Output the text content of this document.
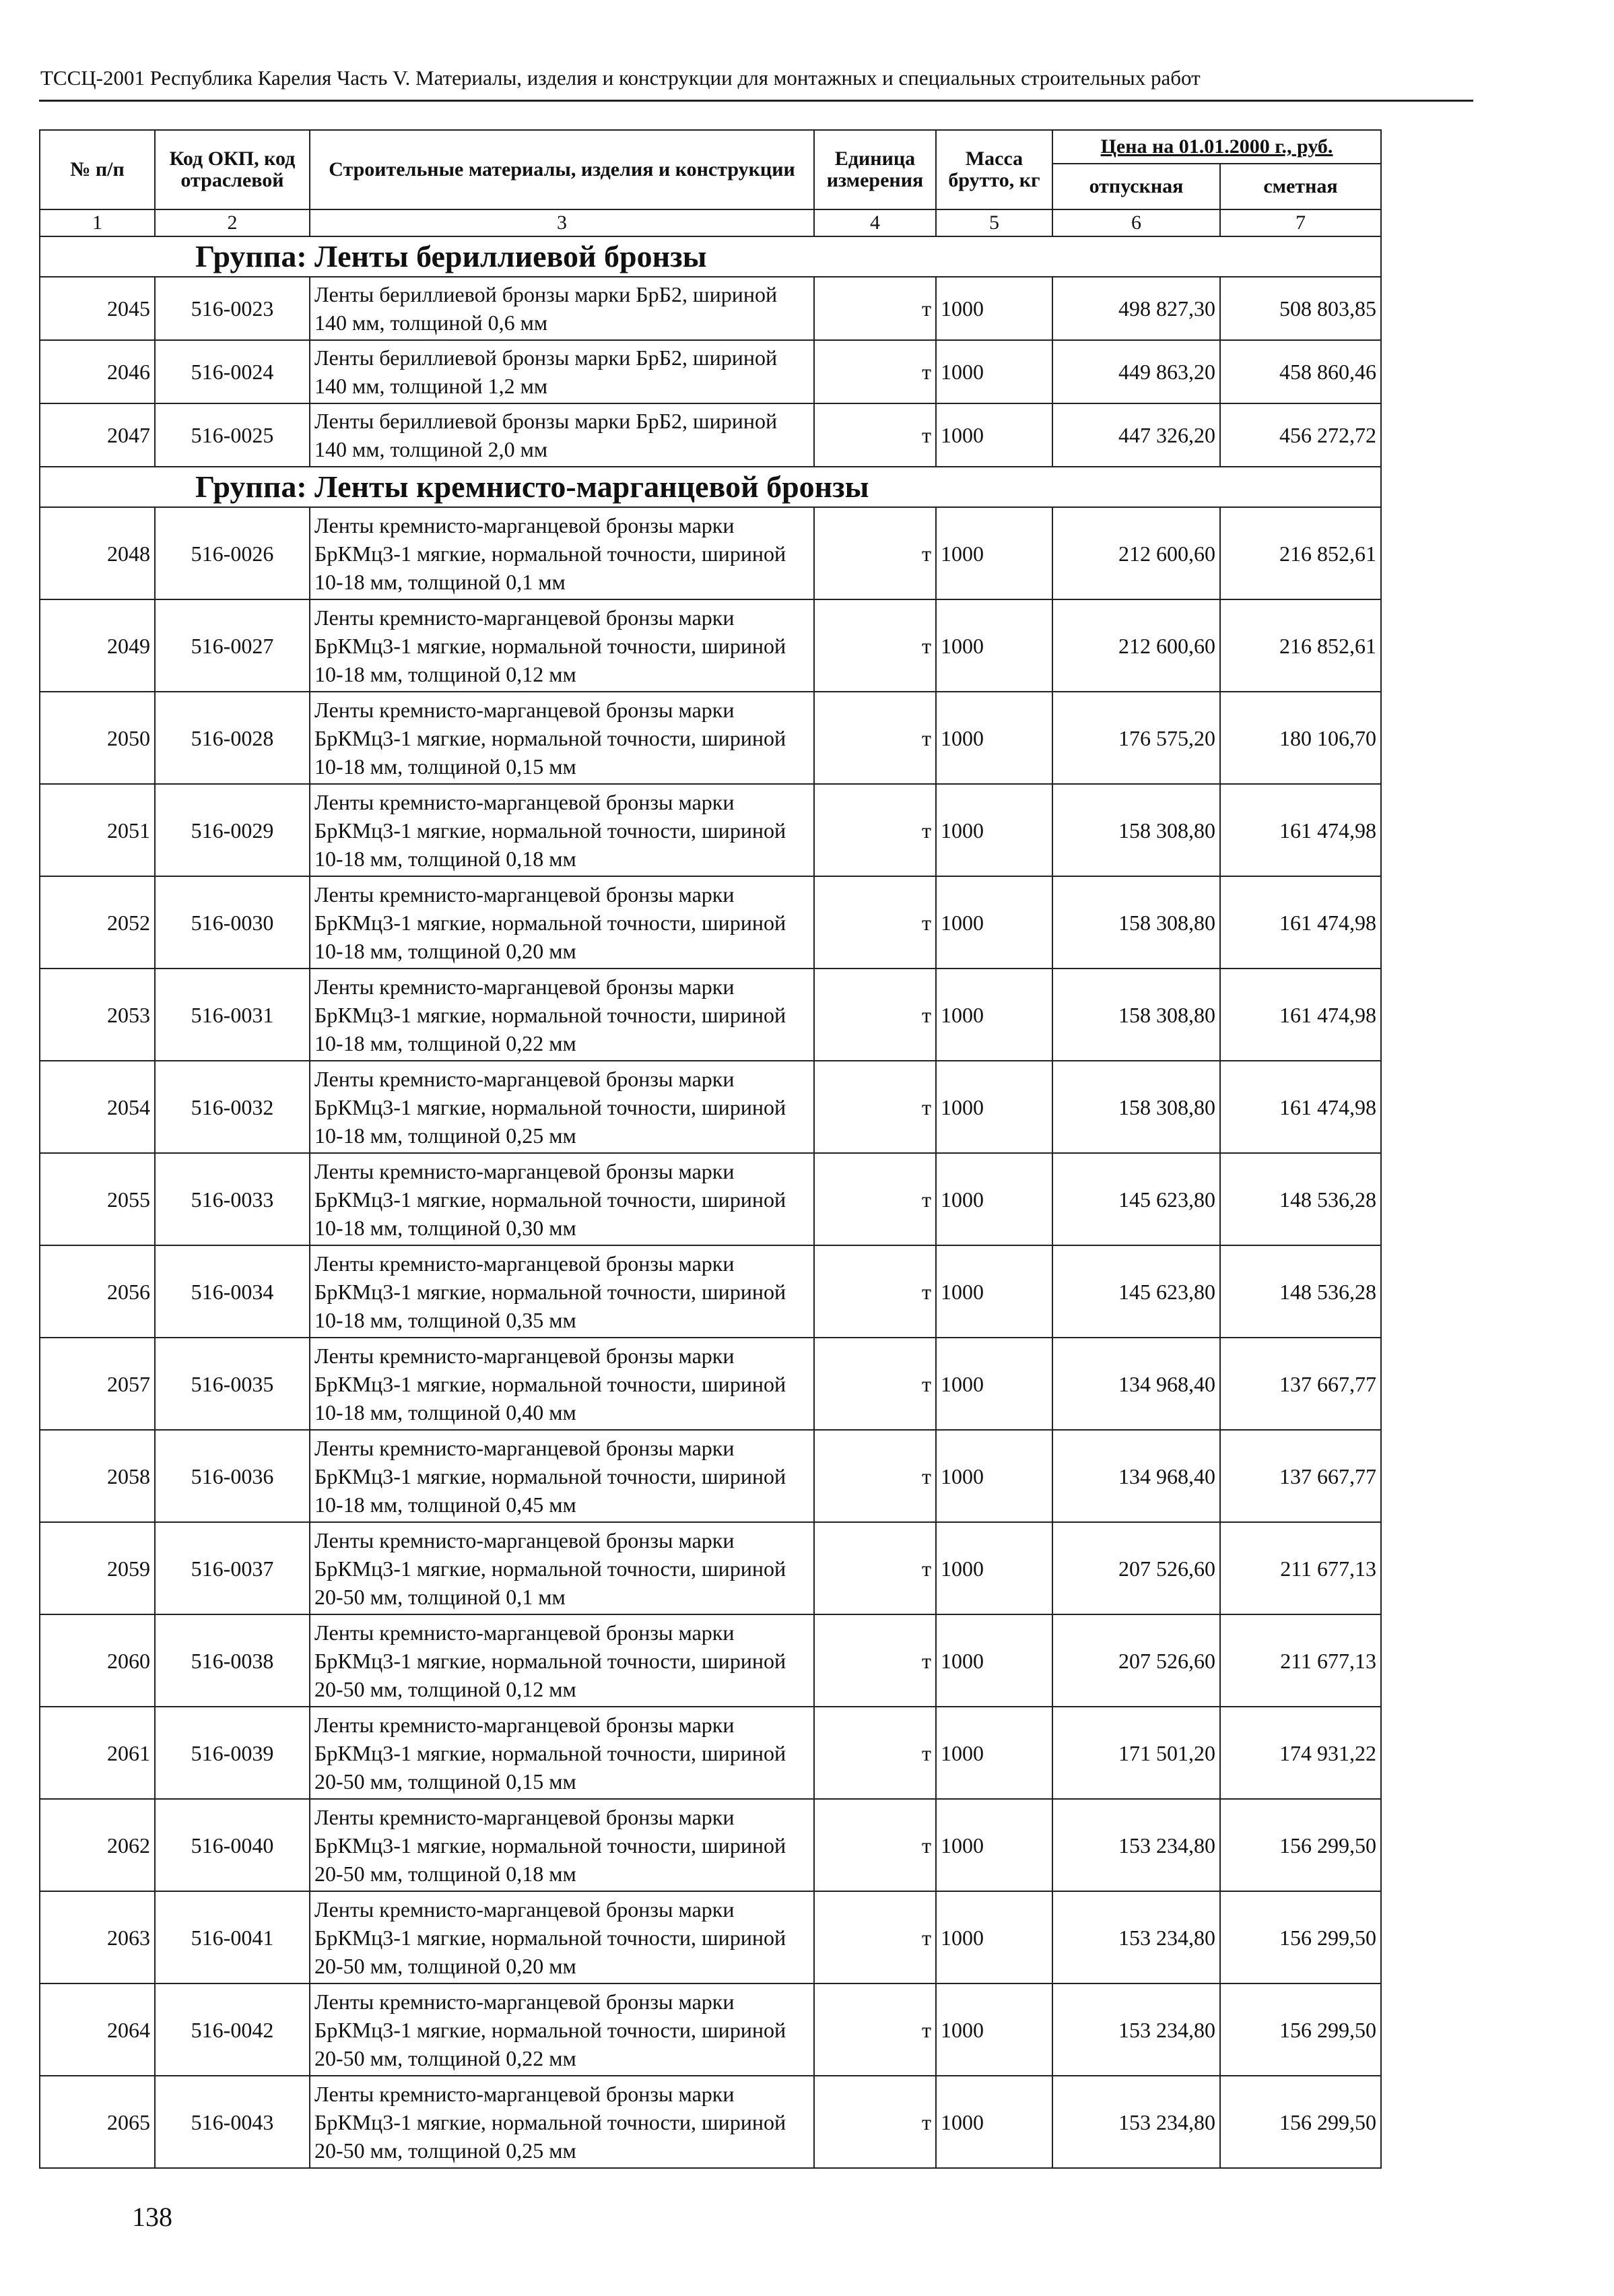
ТССЦ-2001 Республика Карелия Часть V. Материалы, изделия и конструкции для монтажных и специальных строительных работ
№ п/п	Код ОКП, код отраслевой	Строительные материалы, изделия и конструкции	Единица измерения	Масса брутто, кг	Цена на 01.01.2000 г., руб.	
					отпускная	сметная
1	2	3	4	5	6	7
Группа: Ленты бериллиевой бронзы						
2045	516-0023	Ленты бериллиевой бронзы марки БрБ2, шириной 140 мм, толщиной 0,6 мм	т	1000	498 827,30	508 803,85
2046	516-0024	Ленты бериллиевой бронзы марки БрБ2, шириной 140 мм, толщиной 1,2 мм	т	1000	449 863,20	458 860,46
2047	516-0025	Ленты бериллиевой бронзы марки БрБ2, шириной 140 мм, толщиной 2,0 мм	т	1000	447 326,20	456 272,72
Группа: Ленты кремнисто-марганцевой бронзы						
2048	516-0026	Ленты кремнисто-марганцевой бронзы марки БрКМц3-1 мягкие, нормальной точности, шириной 10-18 мм, толщиной 0,1 мм	т	1000	212 600,60	216 852,61
2049	516-0027	Ленты кремнисто-марганцевой бронзы марки БрКМц3-1 мягкие, нормальной точности, шириной 10-18 мм, толщиной 0,12 мм	т	1000	212 600,60	216 852,61
2050	516-0028	Ленты кремнисто-марганцевой бронзы марки БрКМц3-1 мягкие, нормальной точности, шириной 10-18 мм, толщиной 0,15 мм	т	1000	176 575,20	180 106,70
2051	516-0029	Ленты кремнисто-марганцевой бронзы марки БрКМц3-1 мягкие, нормальной точности, шириной 10-18 мм, толщиной 0,18 мм	т	1000	158 308,80	161 474,98
2052	516-0030	Ленты кремнисто-марганцевой бронзы марки БрКМц3-1 мягкие, нормальной точности, шириной 10-18 мм, толщиной 0,20 мм	т	1000	158 308,80	161 474,98
2053	516-0031	Ленты кремнисто-марганцевой бронзы марки БрКМц3-1 мягкие, нормальной точности, шириной 10-18 мм, толщиной 0,22 мм	т	1000	158 308,80	161 474,98
2054	516-0032	Ленты кремнисто-марганцевой бронзы марки БрКМц3-1 мягкие, нормальной точности, шириной 10-18 мм, толщиной 0,25 мм	т	1000	158 308,80	161 474,98
2055	516-0033	Ленты кремнисто-марганцевой бронзы марки БрКМц3-1 мягкие, нормальной точности, шириной 10-18 мм, толщиной 0,30 мм	т	1000	145 623,80	148 536,28
2056	516-0034	Ленты кремнисто-марганцевой бронзы марки БрКМц3-1 мягкие, нормальной точности, шириной 10-18 мм, толщиной 0,35 мм	т	1000	145 623,80	148 536,28
2057	516-0035	Ленты кремнисто-марганцевой бронзы марки БрКМц3-1 мягкие, нормальной точности, шириной 10-18 мм, толщиной 0,40 мм	т	1000	134 968,40	137 667,77
2058	516-0036	Ленты кремнисто-марганцевой бронзы марки БрКМц3-1 мягкие, нормальной точности, шириной 10-18 мм, толщиной 0,45 мм	т	1000	134 968,40	137 667,77
2059	516-0037	Ленты кремнисто-марганцевой бронзы марки БрКМц3-1 мягкие, нормальной точности, шириной 20-50 мм, толщиной 0,1 мм	т	1000	207 526,60	211 677,13
2060	516-0038	Ленты кремнисто-марганцевой бронзы марки БрКМц3-1 мягкие, нормальной точности, шириной 20-50 мм, толщиной 0,12 мм	т	1000	207 526,60	211 677,13
2061	516-0039	Ленты кремнисто-марганцевой бронзы марки БрКМц3-1 мягкие, нормальной точности, шириной 20-50 мм, толщиной 0,15 мм	т	1000	171 501,20	174 931,22
2062	516-0040	Ленты кремнисто-марганцевой бронзы марки БрКМц3-1 мягкие, нормальной точности, шириной 20-50 мм, толщиной 0,18 мм	т	1000	153 234,80	156 299,50
2063	516-0041	Ленты кремнисто-марганцевой бронзы марки БрКМц3-1 мягкие, нормальной точности, шириной 20-50 мм, толщиной 0,20 мм	т	1000	153 234,80	156 299,50
2064	516-0042	Ленты кремнисто-марганцевой бронзы марки БрКМц3-1 мягкие, нормальной точности, шириной 20-50 мм, толщиной 0,22 мм	т	1000	153 234,80	156 299,50
2065	516-0043	Ленты кремнисто-марганцевой бронзы марки БрКМц3-1 мягкие, нормальной точности, шириной 20-50 мм, толщиной 0,25 мм	т	1000	153 234,80	156 299,50
138
